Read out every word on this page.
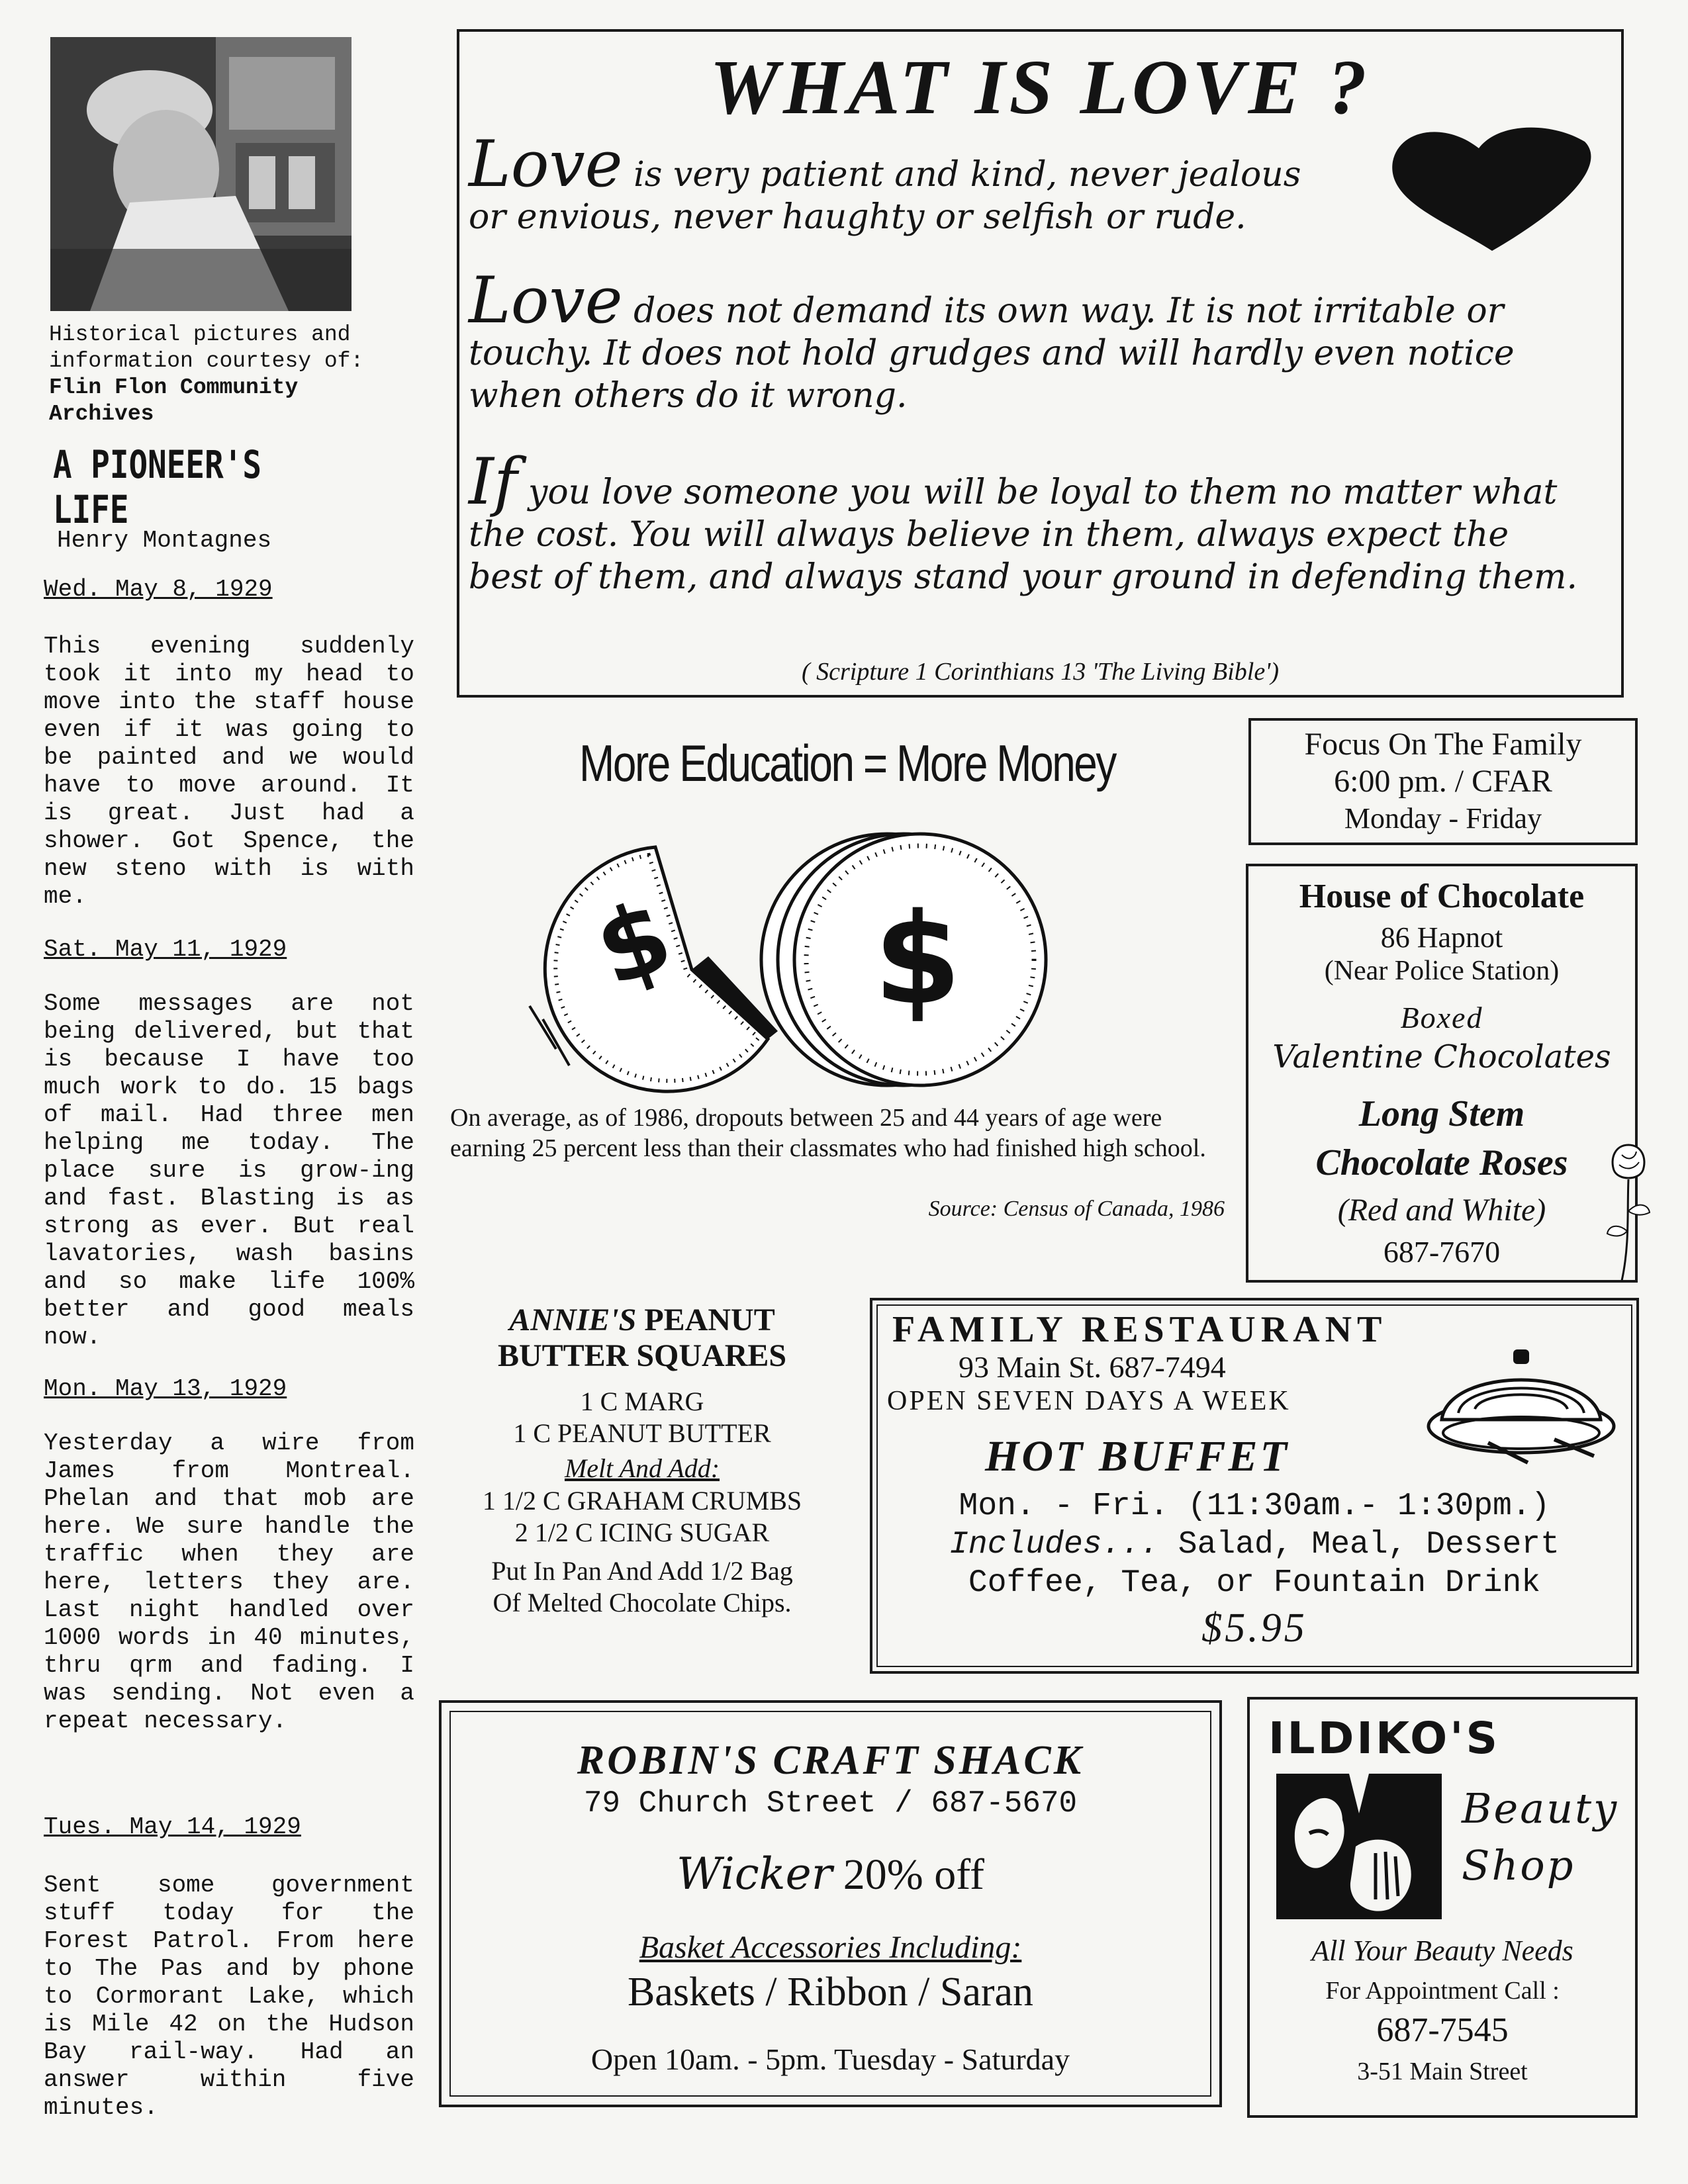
Historical pictures and
information courtesy of:
Flin Flon Community Archives
A PIONEER'S LIFE
Henry Montagnes
Wed. May 8, 1929
This evening suddenly took it into my head to move into the staff house even if it was going to be painted and we would have to move around. It is great. Just had a shower. Got Spence, the new steno with is with me.
Sat. May 11, 1929
Some messages are not being delivered, but that is because I have too much work to do. 15 bags of mail. Had three men helping me today. The place sure is grow-ing and fast. Blasting is as strong as ever. But real lavatories, wash basins and so make life 100% better and good meals now.
Mon. May 13, 1929
Yesterday a wire from James from Montreal. Phelan and that mob are here. We sure handle the traffic when they are here, letters they are. Last night handled over 1000 words in 40 minutes, thru qrm and fading. I was sending. Not even a repeat necessary.
Tues. May 14, 1929
Sent some government stuff today for the Forest Patrol. From here to The Pas and by phone to Cormorant Lake, which is Mile 42 on the Hudson Bay rail-way. Had an answer within five minutes.
WHAT IS LOVE ?
Love is very patient and kind, never jealous
or envious, never haughty or selfish or rude.
Love does not demand its own way. It is not irritable or
touchy. It does not hold grudges and will hardly even notice
when others do it wrong.
If you love someone you will be loyal to them no matter what
the cost. You will always believe in them, always expect the
best of them, and always stand your ground in defending them.
( Scripture 1 Corinthians 13 'The Living Bible')
More Education = More Money
$ $
On average, as of 1986, dropouts between 25 and 44 years of age were earning 25 percent less than their classmates who had finished high school.
Source: Census of Canada, 1986
Focus On The Family
6:00 pm. / CFAR
Monday - Friday
House of Chocolate
86 Hapnot
(Near Police Station)
Boxed
Valentine Chocolates
Long Stem
Chocolate Roses
(Red and White)
687-7670
ANNIE'S PEANUT
BUTTER SQUARES
1 C MARG
1 C PEANUT BUTTER
Melt And Add:
1 1/2 C GRAHAM CRUMBS
2 1/2 C ICING SUGAR
Put In Pan And Add 1/2 Bag
Of Melted Chocolate Chips.
FAMILY RESTAURANT
93 Main St. 687-7494
OPEN SEVEN DAYS A WEEK
HOT BUFFET
Mon. - Fri. (11:30am.- 1:30pm.)
Includes... Salad, Meal, Dessert
Coffee, Tea, or Fountain Drink
$5.95
ROBIN'S CRAFT SHACK
79 Church Street / 687-5670
Wicker 20% off
Basket Accessories Including:
Baskets / Ribbon / Saran
Open 10am. - 5pm. Tuesday - Saturday
ILDIKO'S
Beauty
Shop
All Your Beauty Needs
For Appointment Call :
687-7545
3-51 Main Street
